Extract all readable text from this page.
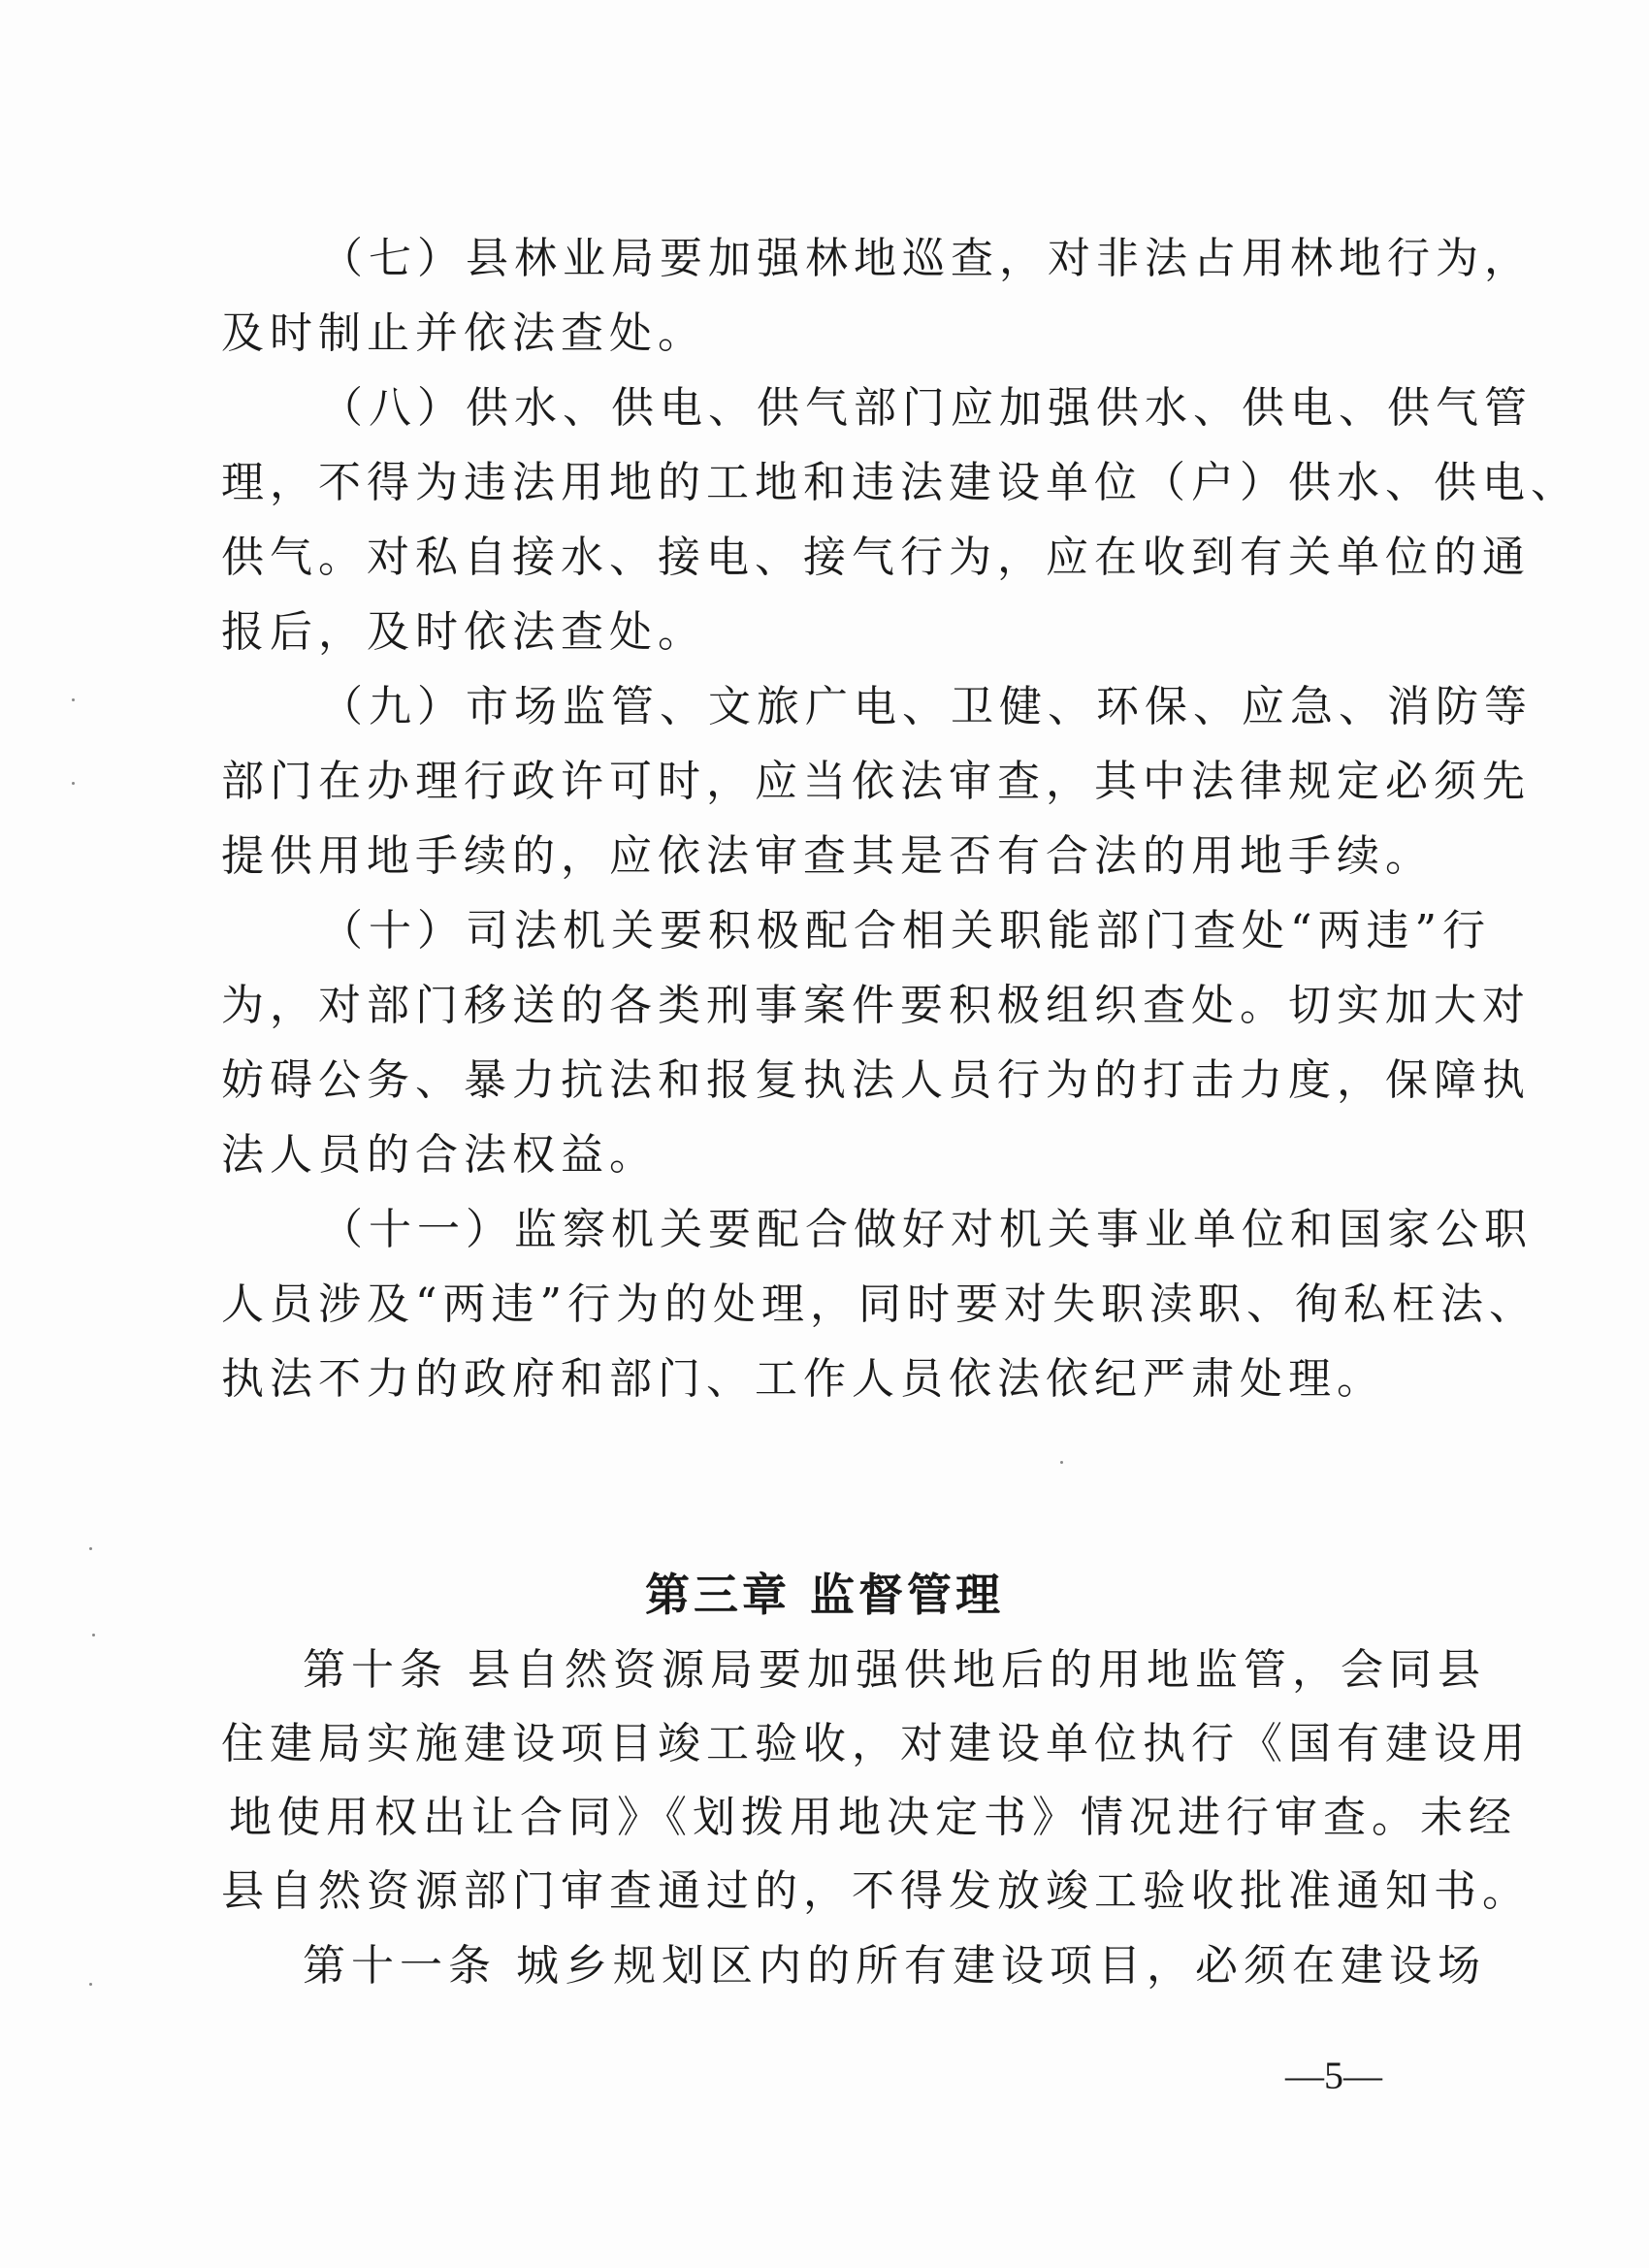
（七）县林业局要加强林地巡查，对非法占用林地行为，
及时制止并依法查处。
（八）供水、供电、供气部门应加强供水、供电、供气管
理，不得为违法用地的工地和违法建设单位（户）供水、供电、
供气。对私自接水、接电、接气行为，应在收到有关单位的通
报后，及时依法查处。
（九）市场监管、文旅广电、卫健、环保、应急、消防等
部门在办理行政许可时，应当依法审查，其中法律规定必须先
提供用地手续的，应依法审查其是否有合法的用地手续。
（十）司法机关要积极配合相关职能部门查处“两违”行
为，对部门移送的各类刑事案件要积极组织查处。切实加大对
妨碍公务、暴力抗法和报复执法人员行为的打击力度，保障执
法人员的合法权益。
（十一）监察机关要配合做好对机关事业单位和国家公职
人员涉及“两违”行为的处理，同时要对失职渎职、徇私枉法、
执法不力的政府和部门、工作人员依法依纪严肃处理。
第三章 监督管理
第十条 县自然资源局要加强供地后的用地监管，会同县
住建局实施建设项目竣工验收，对建设单位执行《国有建设用
地使用权出让合同》《划拨用地决定书》情况进行审查。未经
县自然资源部门审查通过的，不得发放竣工验收批准通知书。
第十一条 城乡规划区内的所有建设项目，必须在建设场
—5—
